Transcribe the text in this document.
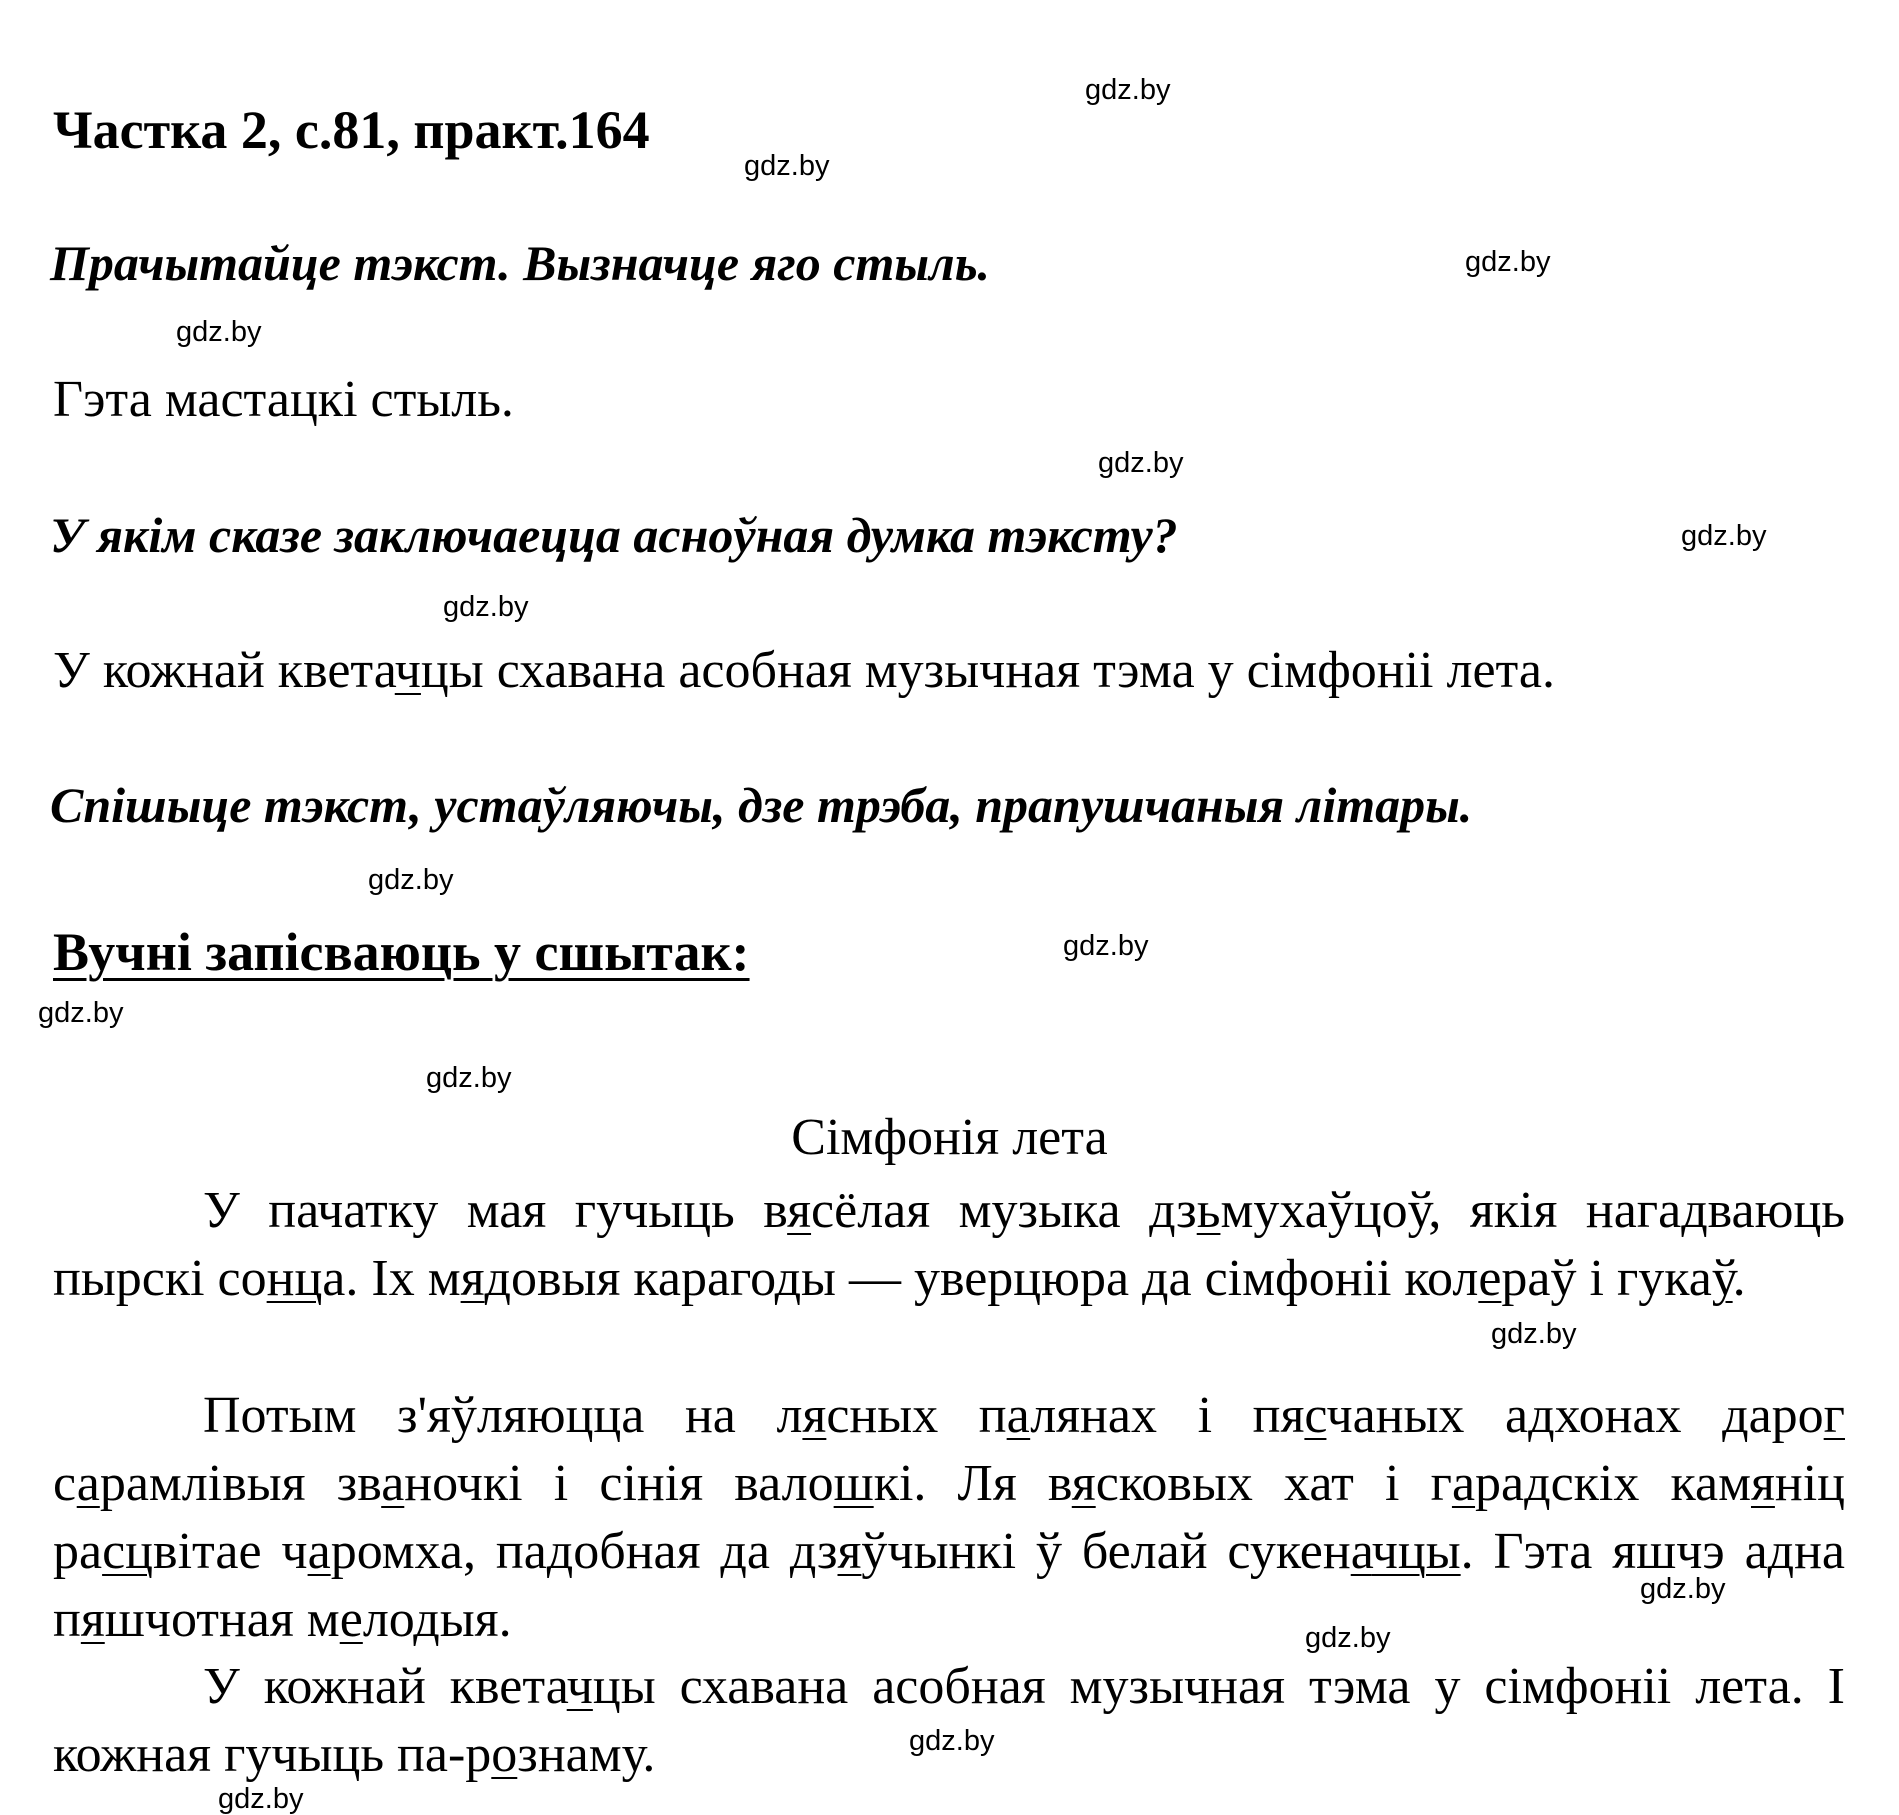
Частка 2, с.81, практ.164
Прачытайце тэкст. Вызначце яго стыль.
Гэта мастацкі стыль.
У якім сказе заключаецца асноўная думка тэксту?
У кожнай кветачцы схавана асобная музычная тэма у сімфоніі лета.
Спішыце тэкст, устаўляючы, дзе трэба, прапушчаныя літары.
Вучні запісваюць у сшытак:
Сімфонія лета
У пачатку мая гучыць вясёлая музыка дзьмухаўцоў, якія нагадваюць пырскі сонца. Іх мядовыя карагоды — уверцюра да сімфоніі колераў і гукаў.
Потым з'яўляюцца на лясных палянах і пясчаных адхонах дарог сарамлівыя званочкі і сінія валошкі. Ля вясковых хат і гарадскіх камяніц расцвітае чаромха, падобная да дзяўчынкі ў белай сукеначцы. Гэта яшчэ адна пяшчотная мелодыя.
У кожнай кветачцы схавана асобная музычная тэма у сімфоніі лета. І кожная гучыць па-рознаму.
gdz.by
gdz.by
gdz.by
gdz.by
gdz.by
gdz.by
gdz.by
gdz.by
gdz.by
gdz.by
gdz.by
gdz.by
gdz.by
gdz.by
gdz.by
gdz.by
